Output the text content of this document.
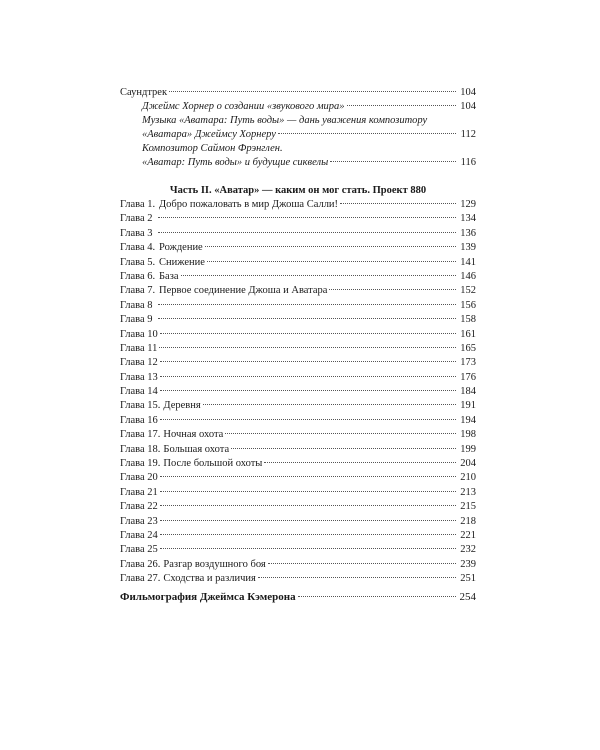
Саундтрек	104
Джеймс Хорнер о создании «звукового мира»	104
Музыка «Аватара: Путь воды» — дань уважения композитору
«Аватара» Джеймсу Хорнеру	112
Композитор Саймон Фрэнглен.
«Аватар: Путь воды» и будущие сиквелы	116
Часть II. «Аватар» — каким он мог стать. Проект 880
Глава 1. Добро пожаловать в мир Джоша Салли!	129
Глава 2	134
Глава 3	136
Глава 4. Рождение	139
Глава 5. Снижение	141
Глава 6. База	146
Глава 7. Первое соединение Джоша и Аватара	152
Глава 8	156
Глава 9	158
Глава 10	161
Глава 11	165
Глава 12	173
Глава 13	176
Глава 14	184
Глава 15. Деревня	191
Глава 16	194
Глава 17. Ночная охота	198
Глава 18. Большая охота	199
Глава 19. После большой охоты	204
Глава 20	210
Глава 21	213
Глава 22	215
Глава 23	218
Глава 24	221
Глава 25	232
Глава 26. Разгар воздушного боя	239
Глава 27. Сходства и различия	251
Фильмография Джеймса Кэмерона	254
